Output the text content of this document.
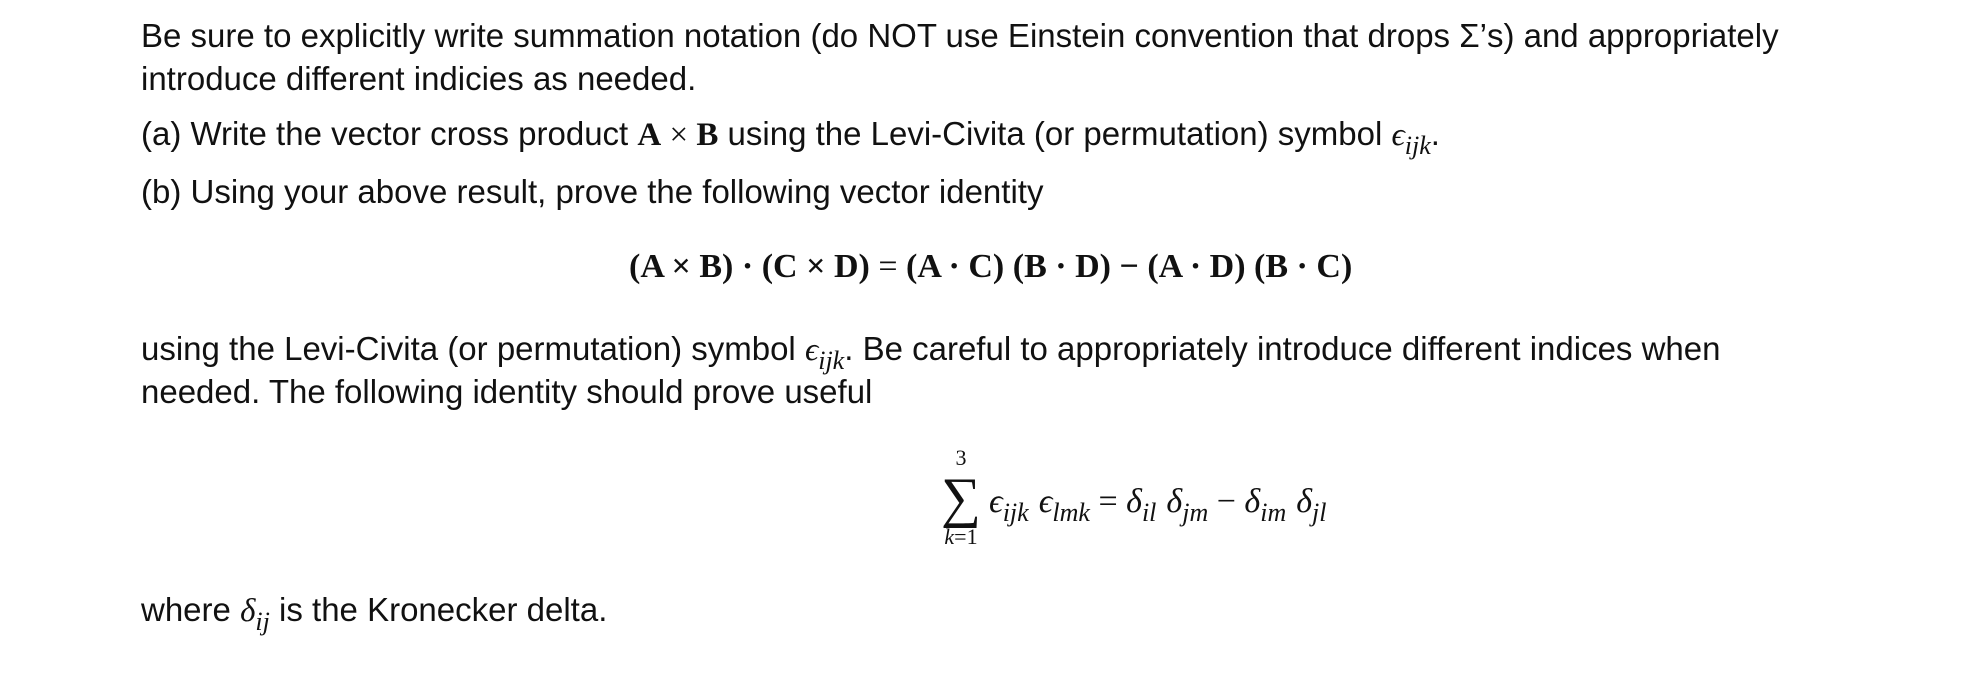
Be sure to explicitly write summation notation (do NOT use Einstein convention that drops Σ’s) and appropriately

introduce different indicies as needed.

(a) Write the vector cross product A × B using the Levi-Civita (or permutation) symbol $\epsilon_{ijk}$.

(b) Using your above result, prove the following vector identity

(A × B) · (C × D) = (A · C) (B · D) − (A · D) (B · C)

using the Levi-Civita (or permutation) symbol $\epsilon_{ijk}$. Be careful to appropriately introduce different indices when

needed. The following identity should prove useful

3
∑
k=1
$\epsilon_{ijk}$ $\epsilon_{lmk} = \delta_{il}$ $\delta_{jm} - \delta_{im}$ $\delta_{jl}$

where $\delta_{ij}$ is the Kronecker delta.
